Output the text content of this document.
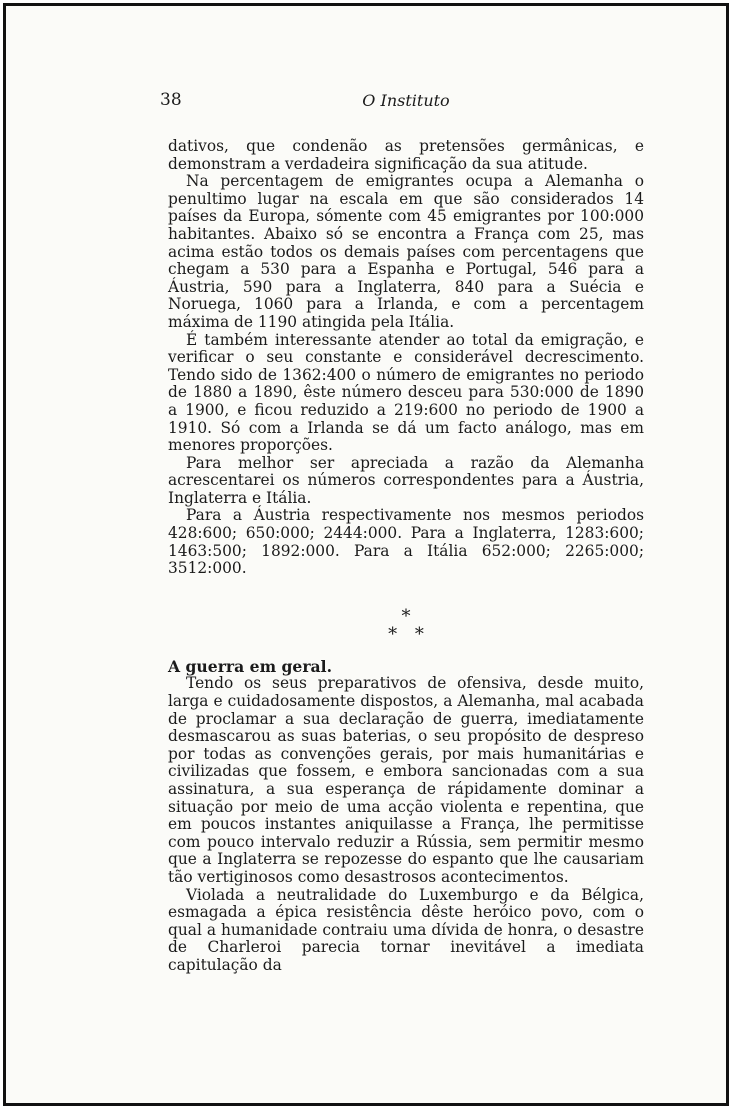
38	O Instituto

dativos, que condenão as pretensões germânicas, e demonstram a verdadeira significação da sua atitude.

Na percentagem de emigrantes ocupa a Alemanha o penultimo lugar na escala em que são considerados 14 países da Europa, sómente com 45 emigrantes por 100:000 habitantes. Abaixo só se encontra a França com 25, mas acima estão todos os demais países com percentagens que chegam a 530 para a Espanha e Portugal, 546 para a Áustria, 590 para a Inglaterra, 840 para a Suécia e Noruega, 1060 para a Irlanda, e com a percentagem máxima de 1190 atingida pela Itália.

É também interessante atender ao total da emigração, e verificar o seu constante e considerável decrescimento. Tendo sido de 1362:400 o número de emigrantes no periodo de 1880 a 1890, êste número desceu para 530:000 de 1890 a 1900, e ficou reduzido a 219:600 no periodo de 1900 a 1910. Só com a Irlanda se dá um facto análogo, mas em menores proporções.

Para melhor ser apreciada a razão da Alemanha acrescentarei os números correspondentes para a Áustria, Inglaterra e Itália.

Para a Áustria respectivamente nos mesmos periodos 428:600; 650:000; 2444:000. Para a Inglaterra, 1283:600; 1463:500; 1892:000. Para a Itália 652:000; 2265:000; 3512:000.

*
* *
A guerra em geral.

Tendo os seus preparativos de ofensiva, desde muito, larga e cuidadosamente dispostos, a Alemanha, mal acabada de proclamar a sua declaração de guerra, imediatamente desmascarou as suas baterias, o seu propósito de despreso por todas as convenções gerais, por mais humanitárias e civilizadas que fossem, e embora sancionadas com a sua assinatura, a sua esperança de rápidamente dominar a situação por meio de uma acção violenta e repentina, que em poucos instantes aniquilasse a França, lhe permitisse com pouco intervalo reduzir a Rússia, sem permitir mesmo que a Inglaterra se repozesse do espanto que lhe causariam tão vertiginosos como desastrosos acontecimentos.

Violada a neutralidade do Luxemburgo e da Bélgica, esmagada a épica resistência dêste heróico povo, com o qual a humanidade contraiu uma dívida de honra, o desastre de Charleroi parecia tornar inevitável a imediata capitulação da
